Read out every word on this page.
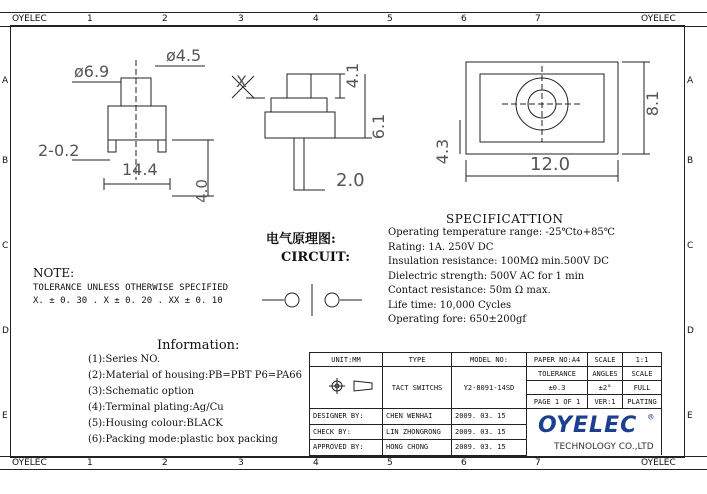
OYELEC	1	2	3	4	5	6	7	OYELEC
OYELEC	1	2	3	4	5	6	7	OYELEC
A
B
C
D
E
A
B
C
D
E
ø6.9
ø4.5
2-0.2
14.4
4.0
X	4.1
6.1
2.0
4.3
12.0
8.1
电气原理图:
CIRCUIT:
NOTE:
TOLERANCE UNLESS OTHERWISE SPECIFIED
X. ± 0. 30 . X ± 0. 20 . XX ± 0. 10
SPECIFICATTION
Operating temperature range: -25℃to+85℃
Rating: 1A. 250V DC
Insulation resistance: 100MΩ min.500V DC
Dielectric strength: 500V AC for 1 min
Contact resistance: 50m Ω max.
Life time: 10,000 Cycles
Operating fore: 650±200gf
Information:
(1):Series NO.
(2):Material of housing:PB=PBT P6=PA66
(3):Schematic option
(4):Terminal plating:Ag/Cu
(5):Housing colour:BLACK
(6):Packing mode:plastic box packing
UNIT:MM	TYPE	MODEL NO:	PAPER NO:A4	SCALE	1:1
	TACT SWITCHS	Y2-8091-14SD	TOLERANCE	ANGLES	SCALE
			±0.3	±2°	FULL
			PAGE 1 OF 1	VER:1	PLATING
DESIGNER BY:	CHEN WENHAI	2009. 03. 15	OYELEC ®
TECHNOLOGY CO.,LTD		

CHECK BY:	LIN ZHONGRONG	2009. 03. 15			
APPROVED BY:	HONG CHONG	2009. 03. 15			
